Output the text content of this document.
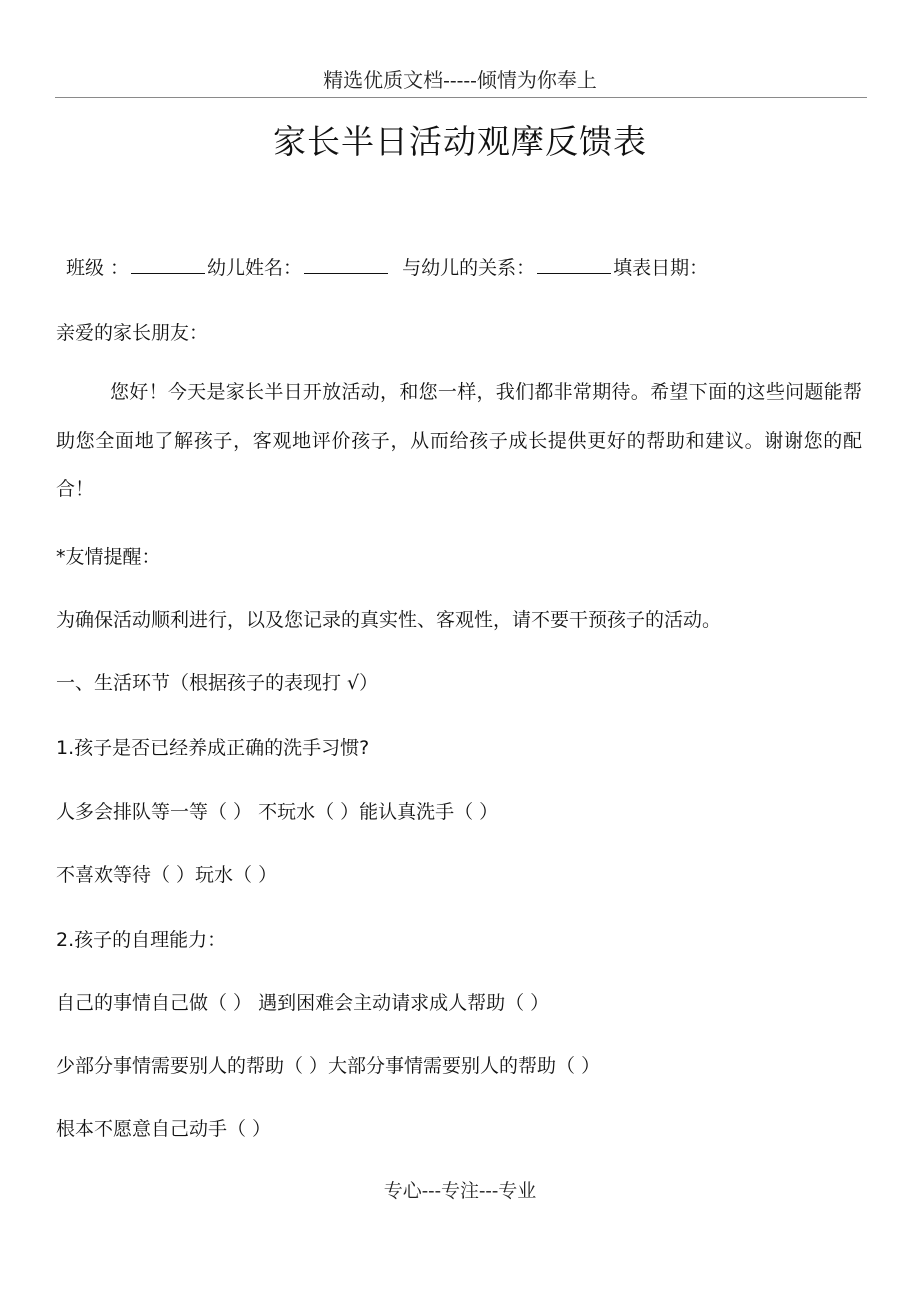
精选优质文档-----倾情为你奉上
家长半日活动观摩反馈表
班级 ：	幼儿姓名：	与幼儿的关系：	填表日期：
亲爱的家长朋友：
您好！今天是家长半日开放活动，和您一样，我们都非常期待。希望下面的这些问题能帮助您全面地了解孩子，客观地评价孩子，从而给孩子成长提供更好的帮助和建议。谢谢您的配合！
*友情提醒：
为确保活动顺利进行，以及您记录的真实性、客观性，请不要干预孩子的活动。
一、生活环节（根据孩子的表现打 √）
1.孩子是否已经养成正确的洗手习惯?
人多会排队等一等（ ） 不玩水（ ）能认真洗手（ ）
不喜欢等待（ ）玩水（ ）
2.孩子的自理能力：
自己的事情自己做（ ） 遇到困难会主动请求成人帮助（ ）
少部分事情需要别人的帮助（ ）大部分事情需要别人的帮助（ ）
根本不愿意自己动手（ ）
专心---专注---专业
